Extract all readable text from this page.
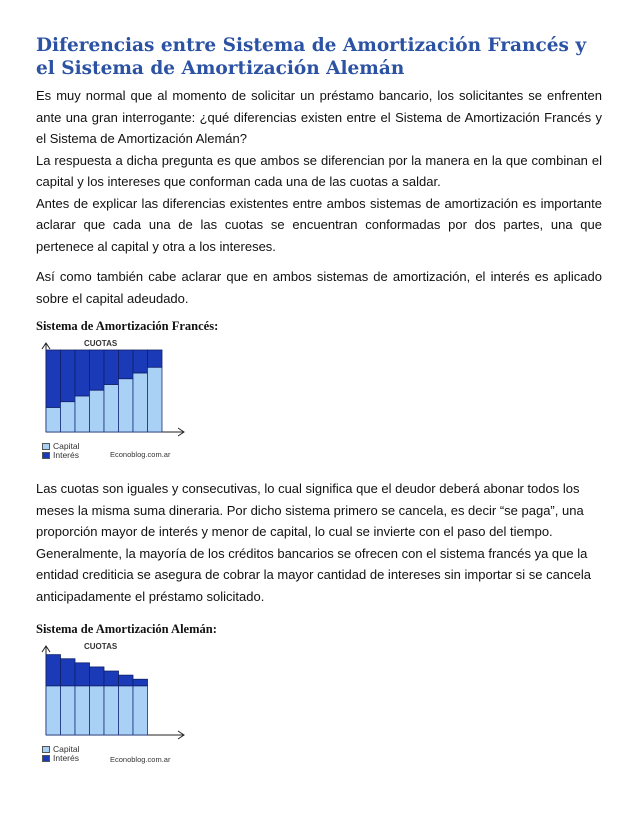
Diferencias entre Sistema de Amortización Francés y el Sistema de Amortización Alemán

Es muy normal que al momento de solicitar un préstamo bancario, los solicitantes se enfrenten ante una gran interrogante: ¿qué diferencias existen entre el Sistema de Amortización Francés y el Sistema de Amortización Alemán?

La respuesta a dicha pregunta es que ambos se diferencian por la manera en la que combinan el capital y los intereses que conforman cada una de las cuotas a saldar.

Antes de explicar las diferencias existentes entre ambos sistemas de amortización es importante aclarar que cada una de las cuotas se encuentran conformadas por dos partes, una que pertenece al capital y otra a los intereses.

Así como también cabe aclarar que en ambos sistemas de amortización, el interés es aplicado sobre el capital adeudado.

Sistema de Amortización Francés:

CUOTAS
Capital
Interés	Econoblog.com.ar

Las cuotas son iguales y consecutivas, lo cual significa que el deudor deberá abonar todos los meses la misma suma dineraria. Por dicho sistema primero se cancela, es decir “se paga”, una proporción mayor de interés y menor de capital, lo cual se invierte con el paso del tiempo. Generalmente, la mayoría de los créditos bancarios se ofrecen con el sistema francés ya que la entidad crediticia se asegura de cobrar la mayor cantidad de intereses sin importar si se cancela anticipadamente el préstamo solicitado.

Sistema de Amortización Alemán:

CUOTAS
Capital
Interés	Econoblog.com.ar
